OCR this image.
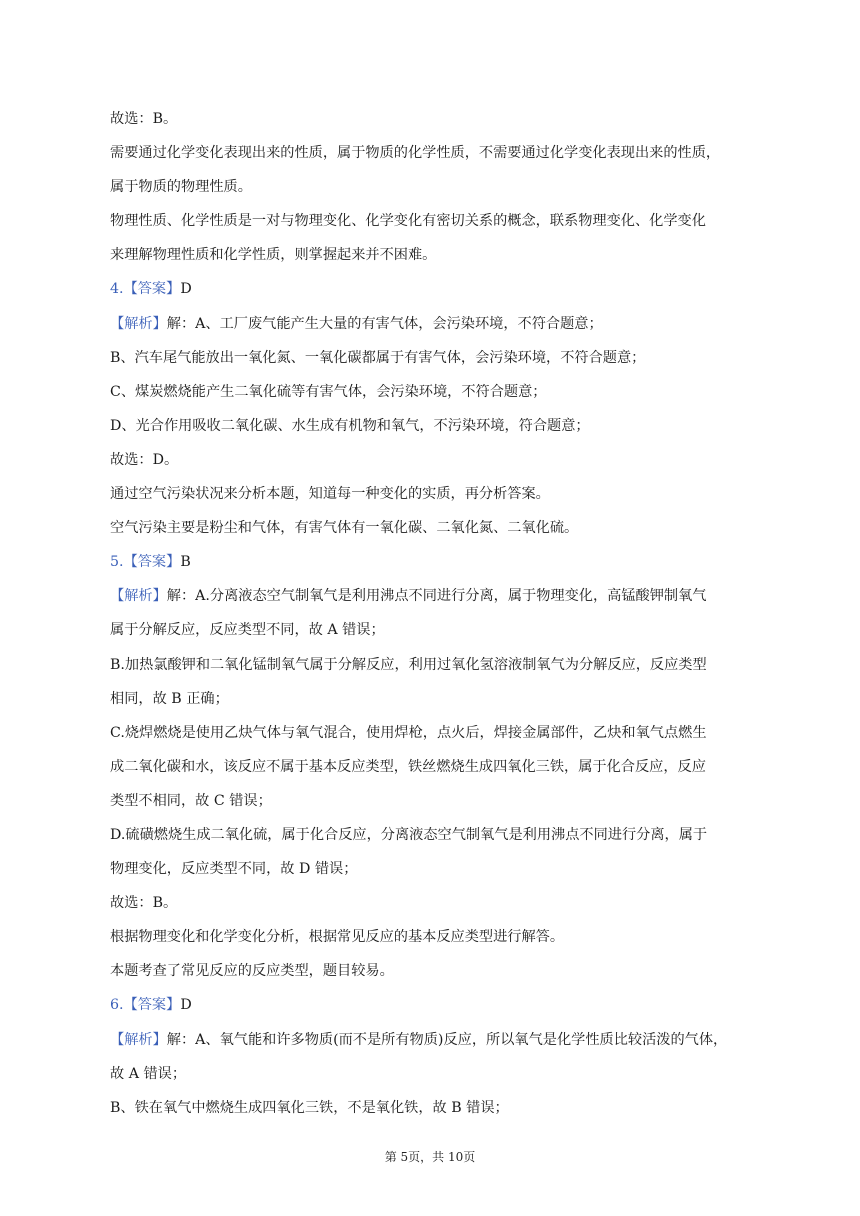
故选：B。
需要通过化学变化表现出来的性质，属于物质的化学性质，不需要通过化学变化表现出来的性质，
属于物质的物理性质。
物理性质、化学性质是一对与物理变化、化学变化有密切关系的概念，联系物理变化、化学变化
来理解物理性质和化学性质，则掌握起来并不困难。
4.【答案】D
【解析】解：A、工厂废气能产生大量的有害气体，会污染环境，不符合题意；
B、汽车尾气能放出一氧化氮、一氧化碳都属于有害气体，会污染环境，不符合题意；
C、煤炭燃烧能产生二氧化硫等有害气体，会污染环境，不符合题意；
D、光合作用吸收二氧化碳、水生成有机物和氧气，不污染环境，符合题意；
故选：D。
通过空气污染状况来分析本题，知道每一种变化的实质，再分析答案。
空气污染主要是粉尘和气体，有害气体有一氧化碳、二氧化氮、二氧化硫。
5.【答案】B
【解析】解：A.分离液态空气制氧气是利用沸点不同进行分离，属于物理变化，高锰酸钾制氧气
属于分解反应，反应类型不同，故 A 错误；
B.加热氯酸钾和二氧化锰制氧气属于分解反应，利用过氧化氢溶液制氧气为分解反应，反应类型
相同，故 B 正确；
C.烧焊燃烧是使用乙炔气体与氧气混合，使用焊枪，点火后，焊接金属部件，乙炔和氧气点燃生
成二氧化碳和水，该反应不属于基本反应类型，铁丝燃烧生成四氧化三铁，属于化合反应，反应
类型不相同，故 C 错误；
D.硫磺燃烧生成二氧化硫，属于化合反应，分离液态空气制氧气是利用沸点不同进行分离，属于
物理变化，反应类型不同，故 D 错误；
故选：B。
根据物理变化和化学变化分析，根据常见反应的基本反应类型进行解答。
本题考查了常见反应的反应类型，题目较易。
6.【答案】D
【解析】解：A、氧气能和许多物质(而不是所有物质)反应，所以氧气是化学性质比较活泼的气体，
故 A 错误；
B、铁在氧气中燃烧生成四氧化三铁，不是氧化铁，故 B 错误；
第 5页，共 10页
